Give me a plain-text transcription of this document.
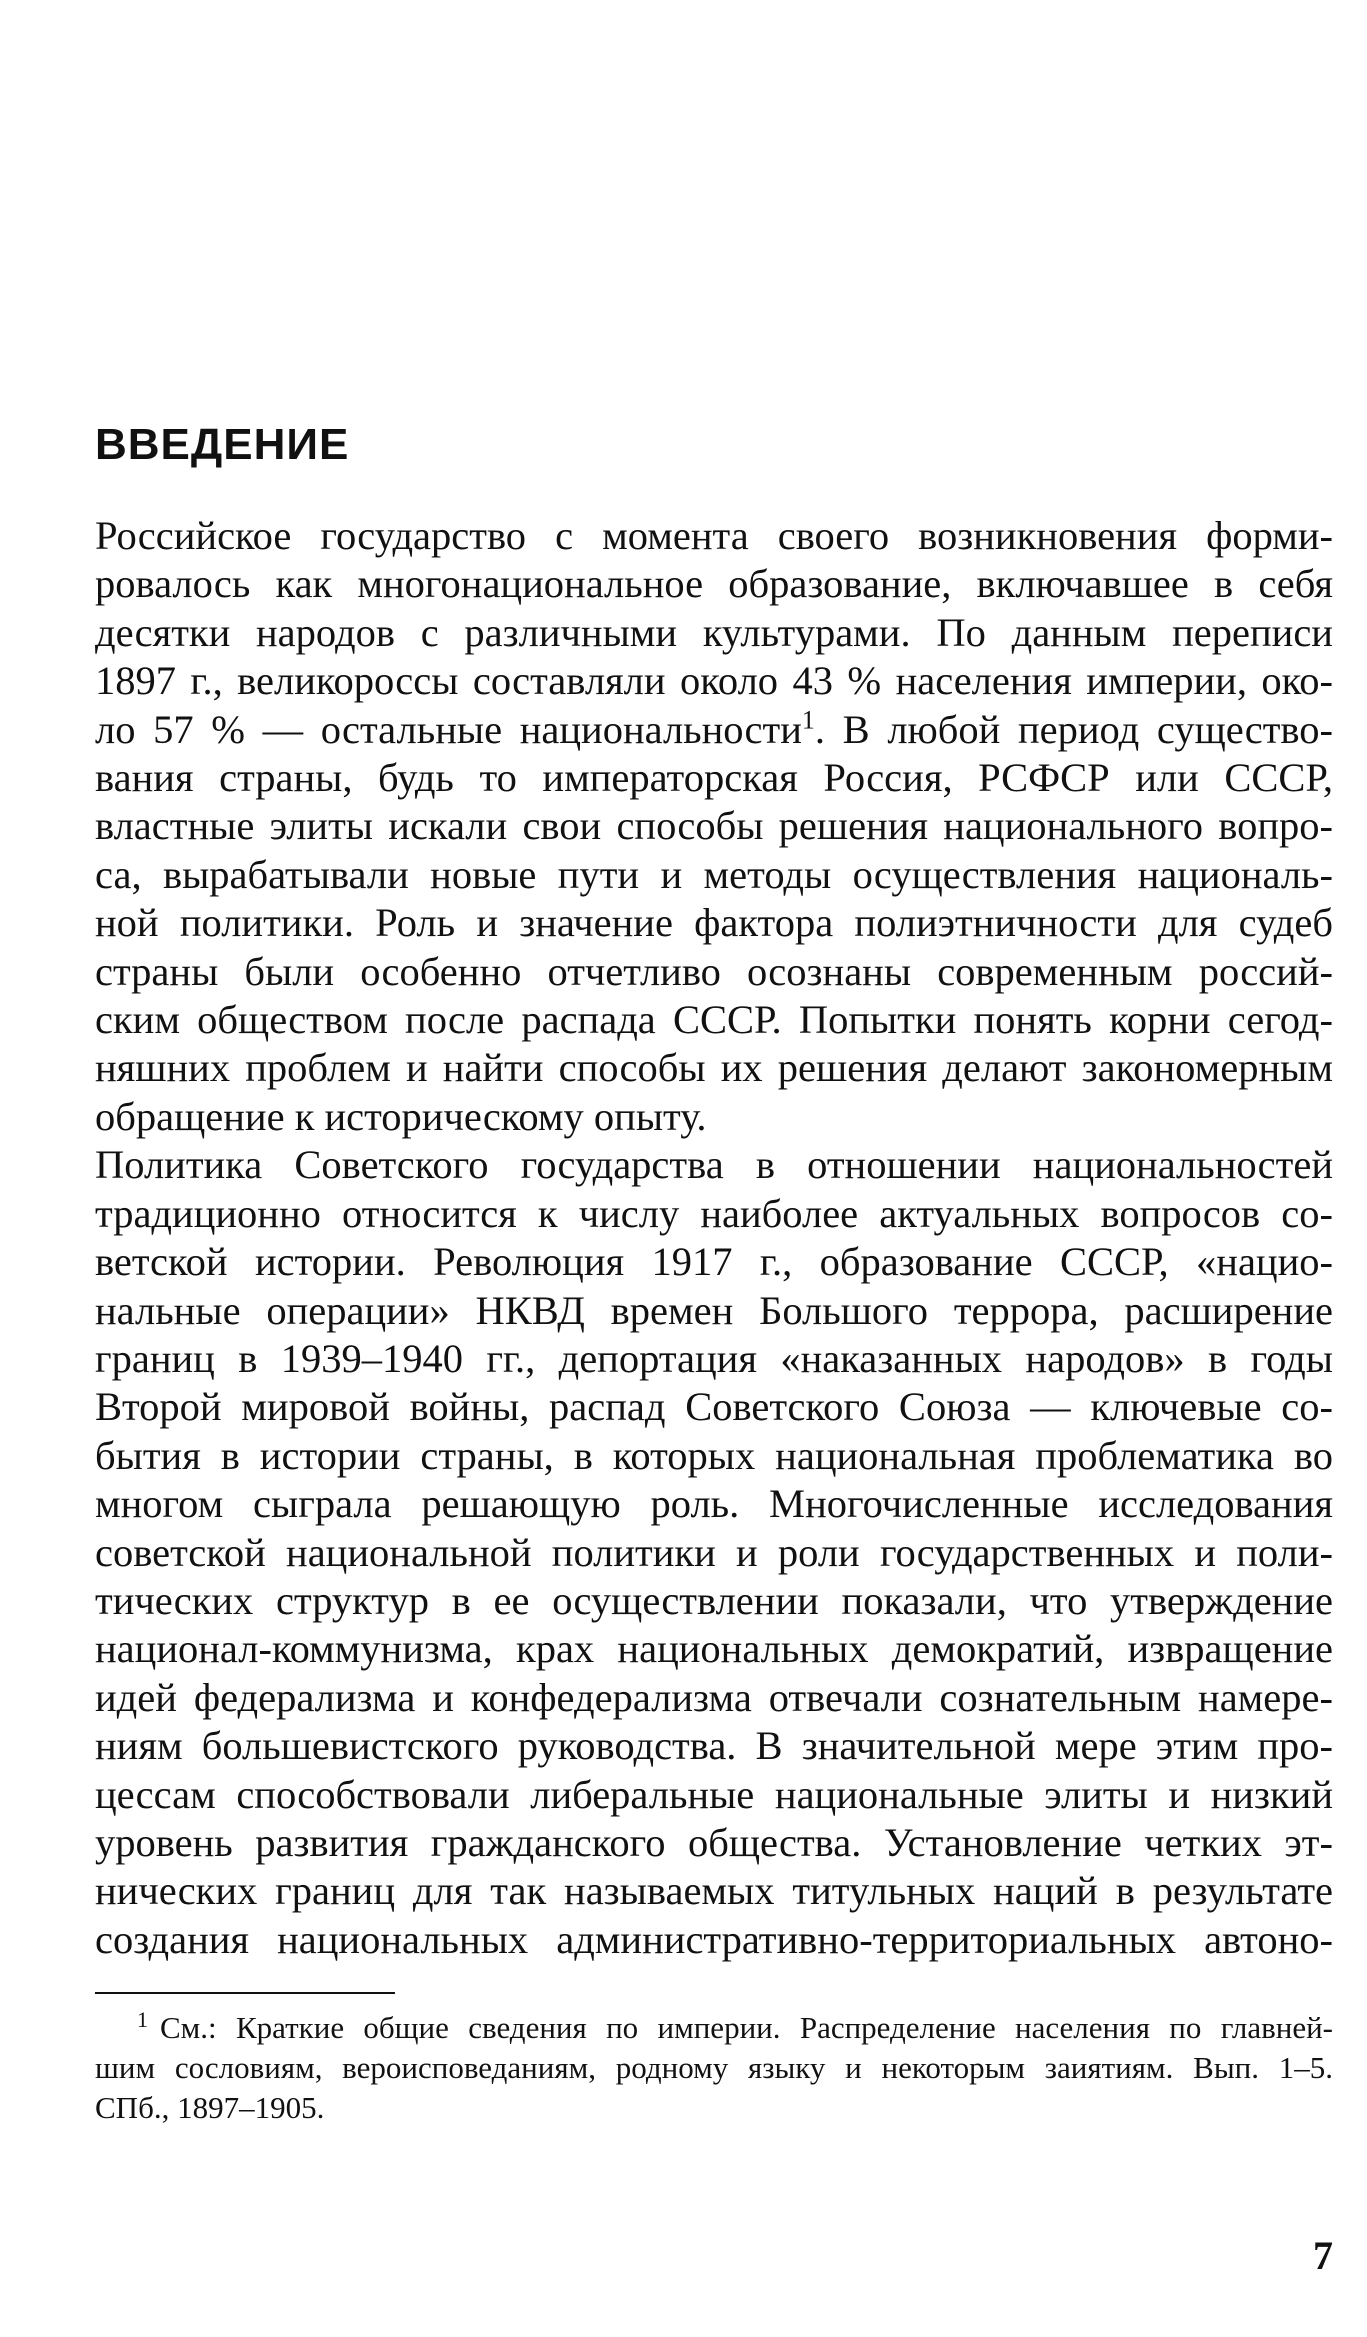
ВВЕДЕНИЕ

Российское государство с момента своего возникновения форми-

ровалось как многонациональное образование, включавшее в себя

десятки народов с различными культурами. По данным переписи

1897 г., великороссы составляли около 43 % населения империи, око-

ло 57 % — остальные национальности$^1$. В любой период существо-

вания страны, будь то императорская Россия, РСФСР или СССР,

властные элиты искали свои способы решения национального вопро-

са, вырабатывали новые пути и методы осуществления националь-

ной политики. Роль и значение фактора полиэтничности для судеб

страны были особенно отчетливо осознаны современным россий-

ским обществом после распада СССР. Попытки понять корни сегод-

няшних проблем и найти способы их решения делают закономерным

обращение к историческому опыту.

Политика Советского государства в отношении национальностей

традиционно относится к числу наиболее актуальных вопросов со-

ветской истории. Революция 1917 г., образование СССР, «нацио-

нальные операции» НКВД времен Большого террора, расширение

границ в 1939–1940 гг., депортация «наказанных народов» в годы

Второй мировой войны, распад Советского Союза — ключевые со-

бытия в истории страны, в которых национальная проблематика во

многом сыграла решающую роль. Многочисленные исследования

советской национальной политики и роли государственных и поли-

тических структур в ее осуществлении показали, что утверждение

национал-коммунизма, крах национальных демократий, извращение

идей федерализма и конфедерализма отвечали сознательным намере-

ниям большевистского руководства. В значительной мере этим про-

цессам способствовали либеральные национальные элиты и низкий

уровень развития гражданского общества. Установление четких эт-

нических границ для так называемых титульных наций в результате

создания национальных административно-территориальных автоно-

$^1$ См.: Краткие общие сведения по империи. Распределение населения по главней-

шим сословиям, вероисповеданиям, родному языку и некоторым заиятиям. Вып. 1–5.

СПб., 1897–1905.

7
